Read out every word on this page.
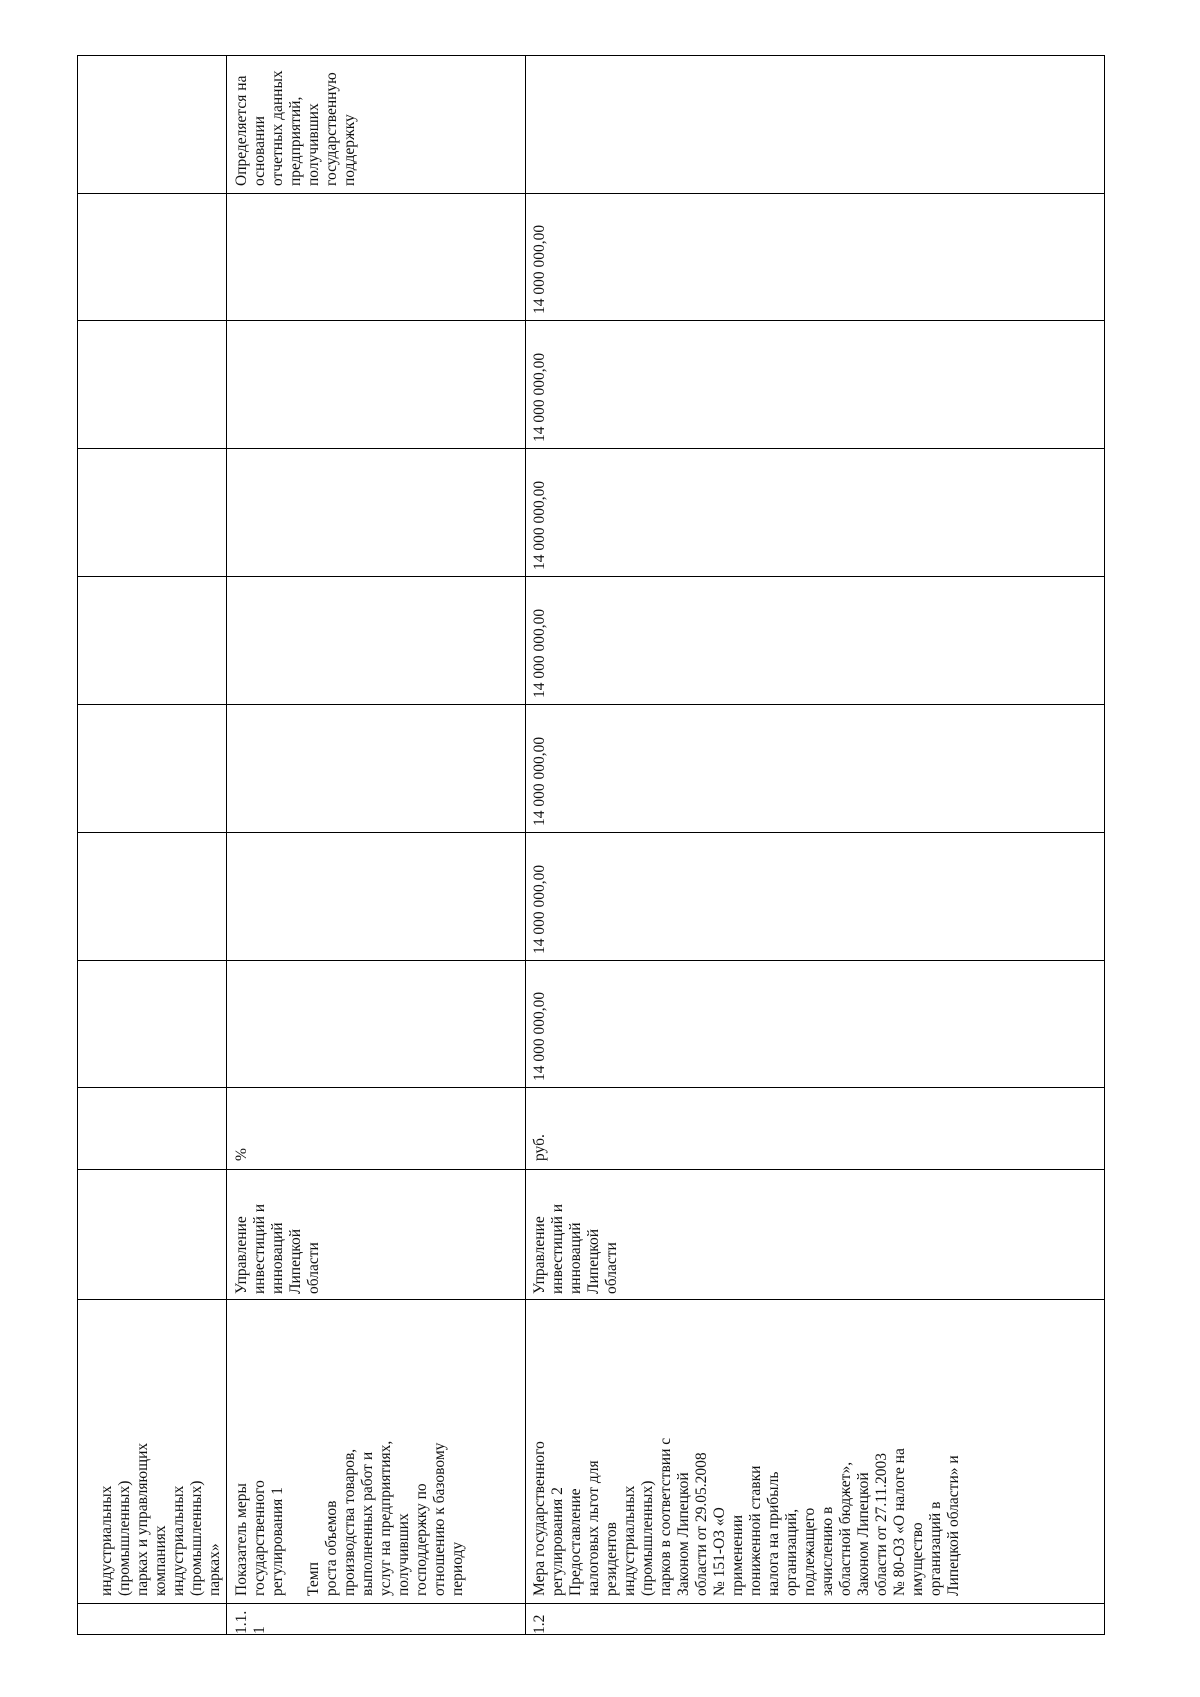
индустриальных
(промышленных)
парках и управляющих
компаниях
индустриальных
(промышленных)
парках»
1.1.
1
Показатель меры
государственного
регулирования 1

Темп
роста объемов
производства товаров,
выполненных работ и
услуг на предприятиях,
получивших
господдержку по
отношению к базовому
периоду
Управление
инвестиций и
инноваций
Липецкой
области
%
Определяется на
основании
отчетных данных
предприятий,
получивших
государственную
поддержку
1.2
Мера государственного
регулирования 2
Предоставление
налоговых льгот для
резидентов
индустриальных
(промышленных)
парков в соответствии с
Законом Липецкой
области от 29.05.2008
№ 151-ОЗ «О
применении
пониженной ставки
налога на прибыль
организаций,
подлежащего
зачислению в
областной бюджет»,
Законом Липецкой
области от 27.11.2003
№ 80-ОЗ «О налоге на
имущество
организаций в
Липецкой области» и
Управление
инвестиций и
инноваций
Липецкой
области
руб.
14 000 000,00
14 000 000,00
14 000 000,00
14 000 000,00
14 000 000,00
14 000 000,00
14 000 000,00
